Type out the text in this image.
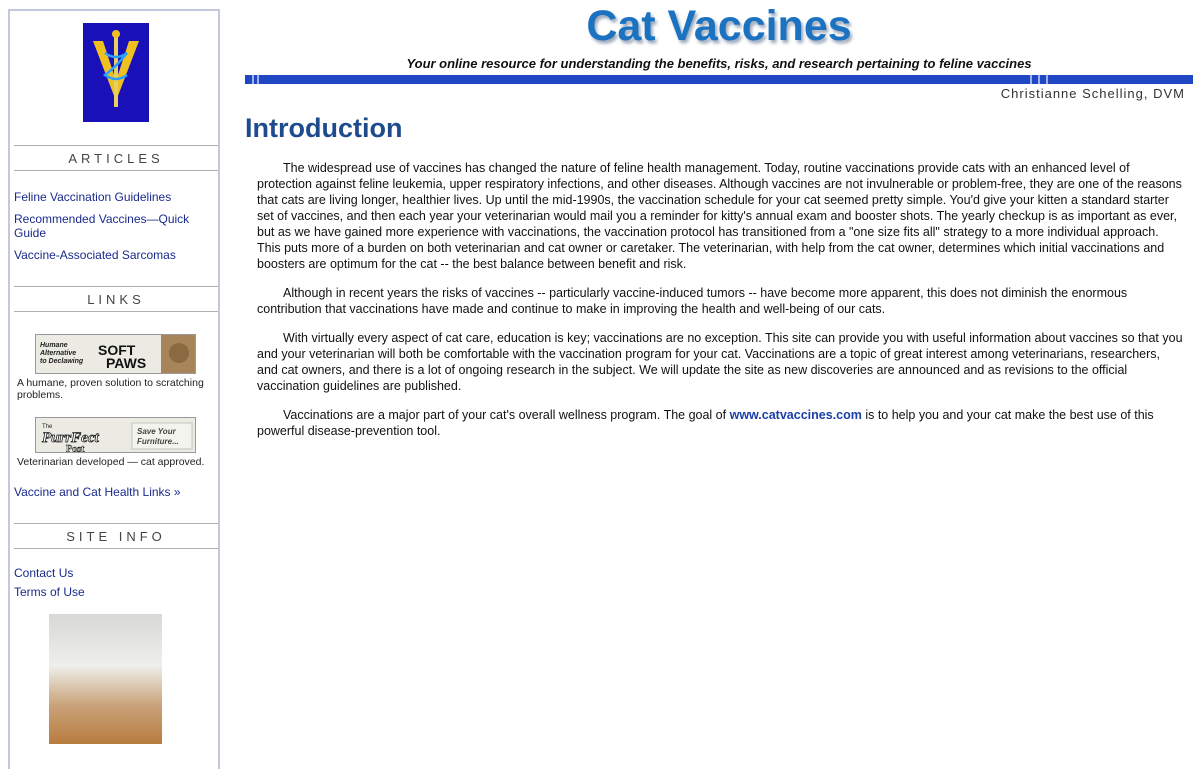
ARTICLES
Feline Vaccination Guidelines
Recommended Vaccines—Quick Guide
Vaccine-Associated Sarcomas
LINKS
Humane
Alternative
to Declawing
SOFT
PAWS
A humane, proven solution to scratching problems.
The
PurrFect
Post
Save Your
Furniture...
Veterinarian developed — cat approved.
Vaccine and Cat Health Links »
SITE INFO
Contact Us
Terms of Use
Cat Vaccines
Your online resource for understanding the benefits, risks, and research pertaining to feline vaccines
Christianne Schelling, DVM
Introduction

The widespread use of vaccines has changed the nature of feline health management. Today, routine vaccinations provide cats with an enhanced level of protection against feline leukemia, upper respiratory infections, and other diseases. Although vaccines are not invulnerable or problem-free, they are one of the reasons that cats are living longer, healthier lives. Up until the mid-1990s, the vaccination schedule for your cat seemed pretty simple. You'd give your kitten a standard starter set of vaccines, and then each year your veterinarian would mail you a reminder for kitty's annual exam and booster shots. The yearly checkup is as important as ever, but as we have gained more experience with vaccinations, the vaccination protocol has transitioned from a "one size fits all" strategy to a more individual approach. This puts more of a burden on both veterinarian and cat owner or caretaker. The veterinarian, with help from the cat owner, determines which initial vaccinations and boosters are optimum for the cat -- the best balance between benefit and risk.

Although in recent years the risks of vaccines -- particularly vaccine-induced tumors -- have become more apparent, this does not diminish the enormous contribution that vaccinations have made and continue to make in improving the health and well-being of our cats.

With virtually every aspect of cat care, education is key; vaccinations are no exception. This site can provide you with useful information about vaccines so that you and your veterinarian will both be comfortable with the vaccination program for your cat. Vaccinations are a topic of great interest among veterinarians, researchers, and cat owners, and there is a lot of ongoing research in the subject. We will update the site as new discoveries are announced and as revisions to the official vaccination guidelines are published.

Vaccinations are a major part of your cat's overall wellness program. The goal of www.catvaccines.com is to help you and your cat make the best use of this powerful disease-prevention tool.
